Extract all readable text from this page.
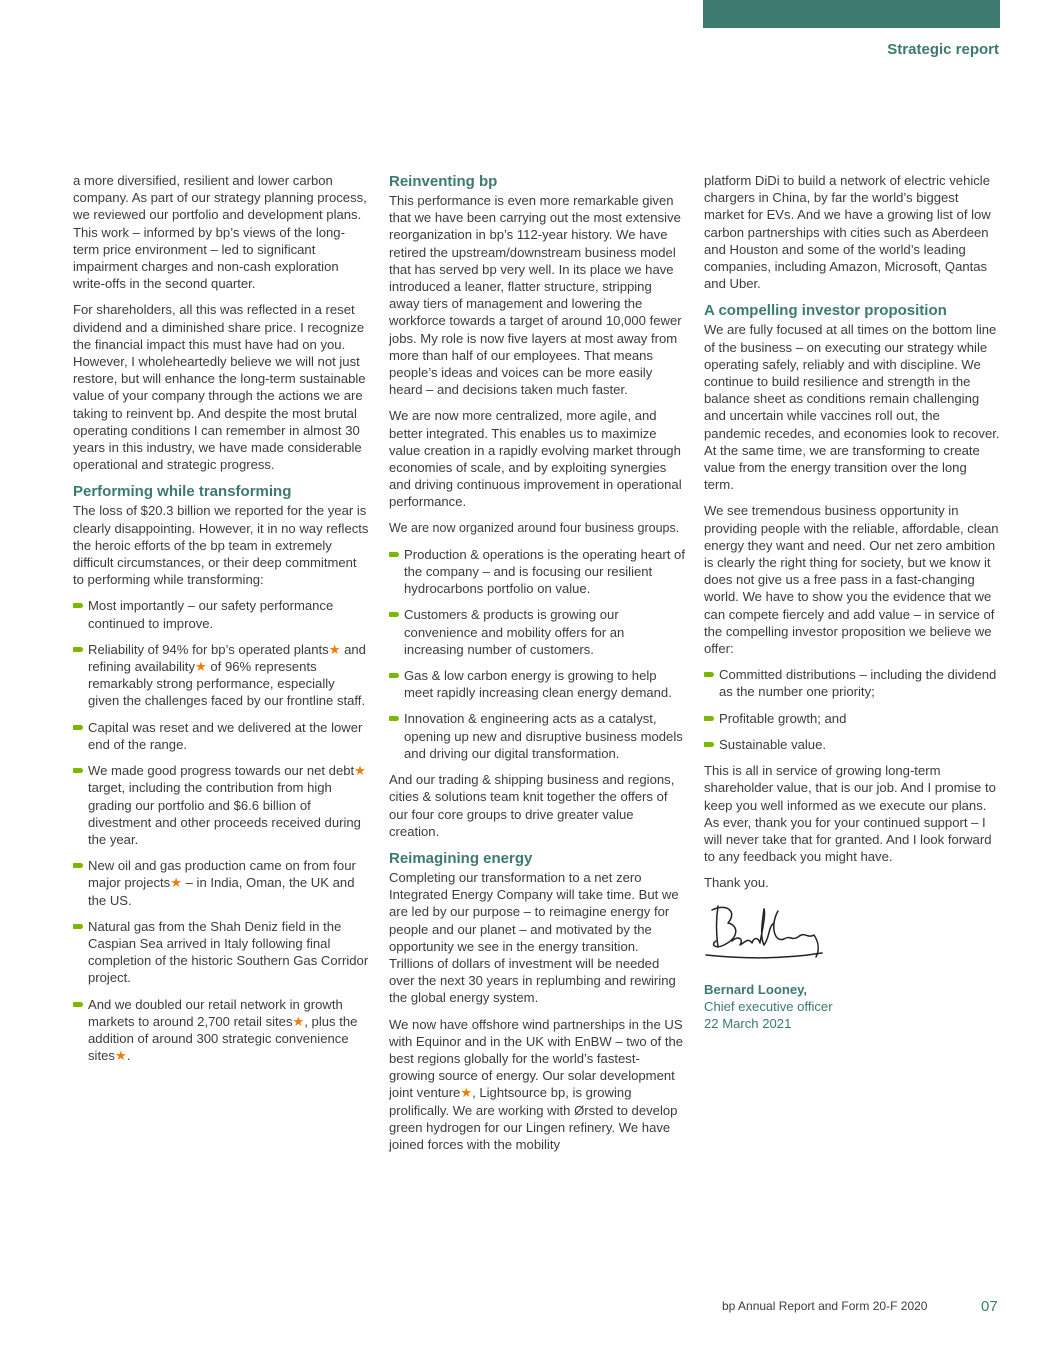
Strategic report

a more diversified, resilient and lower carbon company. As part of our strategy planning process, we reviewed our portfolio and development plans. This work – informed by bp’s views of the long-term price environment – led to significant impairment charges and non-cash exploration write-offs in the second quarter.

For shareholders, all this was reflected in a reset dividend and a diminished share price. I recognize the financial impact this must have had on you. However, I wholeheartedly believe we will not just restore, but will enhance the long-term sustainable value of your company through the actions we are taking to reinvent bp. And despite the most brutal operating conditions I can remember in almost 30 years in this industry, we have made considerable operational and strategic progress.

Performing while transforming

The loss of $20.3 billion we reported for the year is clearly disappointing. However, it in no way reflects the heroic efforts of the bp team in extremely difficult circumstances, or their deep commitment to performing while transforming:

Most importantly – our safety performance continued to improve.
Reliability of 94% for bp’s operated plants★ and refining availability★ of 96% represents remarkably strong performance, especially given the challenges faced by our frontline staff.
Capital was reset and we delivered at the lower end of the range.
We made good progress towards our net debt★ target, including the contribution from high grading our portfolio and $6.6 billion of divestment and other proceeds received during the year.
New oil and gas production came on from four major projects★ – in India, Oman, the UK and the US.
Natural gas from the Shah Deniz field in the Caspian Sea arrived in Italy following final completion of the historic Southern Gas Corridor project.
And we doubled our retail network in growth markets to around 2,700 retail sites★, plus the addition of around 300 strategic convenience sites★.
Reinventing bp

This performance is even more remarkable given that we have been carrying out the most extensive reorganization in bp’s 112-year history. We have retired the upstream/downstream business model that has served bp very well. In its place we have introduced a leaner, flatter structure, stripping away tiers of management and lowering the workforce towards a target of around 10,000 fewer jobs. My role is now five layers at most away from more than half of our employees. That means people’s ideas and voices can be more easily heard – and decisions taken much faster.

We are now more centralized, more agile, and better integrated. This enables us to maximize value creation in a rapidly evolving market through economies of scale, and by exploiting synergies and driving continuous improvement in operational performance.

We are now organized around four business groups.

Production & operations is the operating heart of the company – and is focusing our resilient hydrocarbons portfolio on value.
Customers & products is growing our convenience and mobility offers for an increasing number of customers.
Gas & low carbon energy is growing to help meet rapidly increasing clean energy demand.
Innovation & engineering acts as a catalyst, opening up new and disruptive business models and driving our digital transformation.

And our trading & shipping business and regions, cities & solutions team knit together the offers of our four core groups to drive greater value creation.

Reimagining energy

Completing our transformation to a net zero Integrated Energy Company will take time. But we are led by our purpose – to reimagine energy for people and our planet – and motivated by the opportunity we see in the energy transition. Trillions of dollars of investment will be needed over the next 30 years in replumbing and rewiring the global energy system.

We now have offshore wind partnerships in the US with Equinor and in the UK with EnBW – two of the best regions globally for the world’s fastest-growing source of energy. Our solar development joint venture★, Lightsource bp, is growing prolifically. We are working with Ørsted to develop green hydrogen for our Lingen refinery. We have joined forces with the mobility

platform DiDi to build a network of electric vehicle chargers in China, by far the world’s biggest market for EVs. And we have a growing list of low carbon partnerships with cities such as Aberdeen and Houston and some of the world’s leading companies, including Amazon, Microsoft, Qantas and Uber.

A compelling investor proposition

We are fully focused at all times on the bottom line of the business – on executing our strategy while operating safely, reliably and with discipline. We continue to build resilience and strength in the balance sheet as conditions remain challenging and uncertain while vaccines roll out, the pandemic recedes, and economies look to recover. At the same time, we are transforming to create value from the energy transition over the long term.

We see tremendous business opportunity in providing people with the reliable, affordable, clean energy they want and need. Our net zero ambition is clearly the right thing for society, but we know it does not give us a free pass in a fast-changing world. We have to show you the evidence that we can compete fiercely and add value – in service of the compelling investor proposition we believe we offer:

Committed distributions – including the dividend as the number one priority;
Profitable growth; and
Sustainable value.

This is all in service of growing long-term shareholder value, that is our job. And I promise to keep you well informed as we execute our plans. As ever, thank you for your continued support – I will never take that for granted. And I look forward to any feedback you might have.

Thank you.

Bernard Looney,
Chief executive officer
22 March 2021

bp Annual Report and Form 20-F 2020	07
